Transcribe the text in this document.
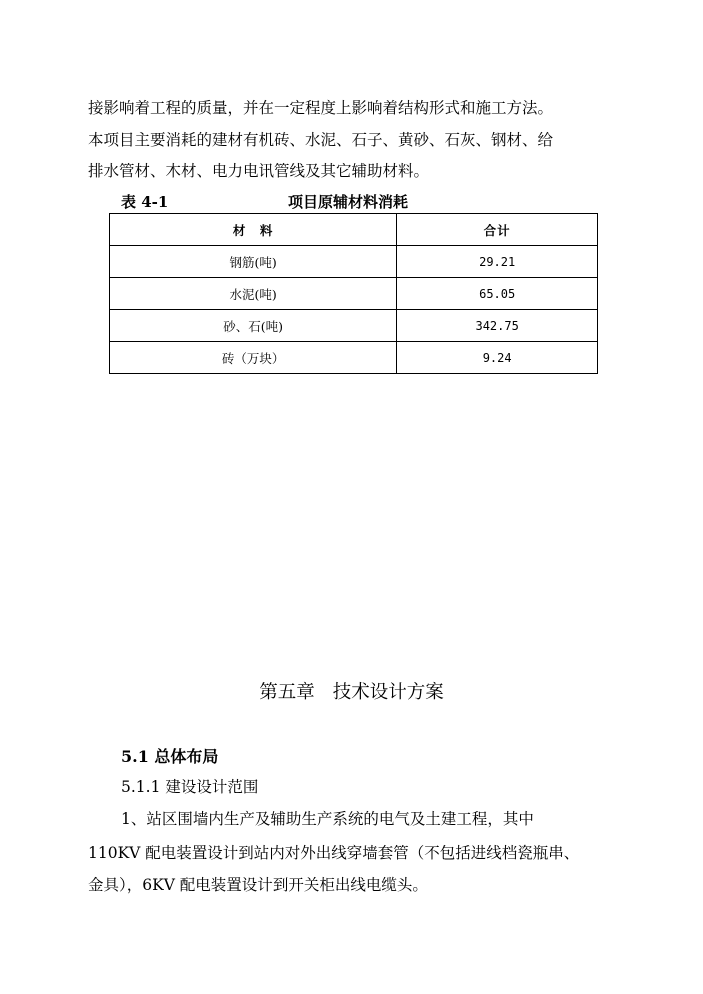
接影响着工程的质量，并在一定程度上影响着结构形式和施工方法。
本项目主要消耗的建材有机砖、水泥、石子、黄砂、石灰、钢材、给
排水管材、木材、电力电讯管线及其它辅助材料。
表 4-1	项目原辅材料消耗
材　料	合计
钢筋(吨)	29.21
水泥(吨)	65.05
砂、石(吨)	342.75
砖（万块）	9.24
第五章 技术设计方案
5.1 总体布局
5.1.1 建设设计范围
1、站区围墙内生产及辅助生产系统的电气及土建工程，其中
110KV 配电装置设计到站内对外出线穿墙套管（不包括进线档瓷瓶串、
金具），6KV 配电装置设计到开关柜出线电缆头。
